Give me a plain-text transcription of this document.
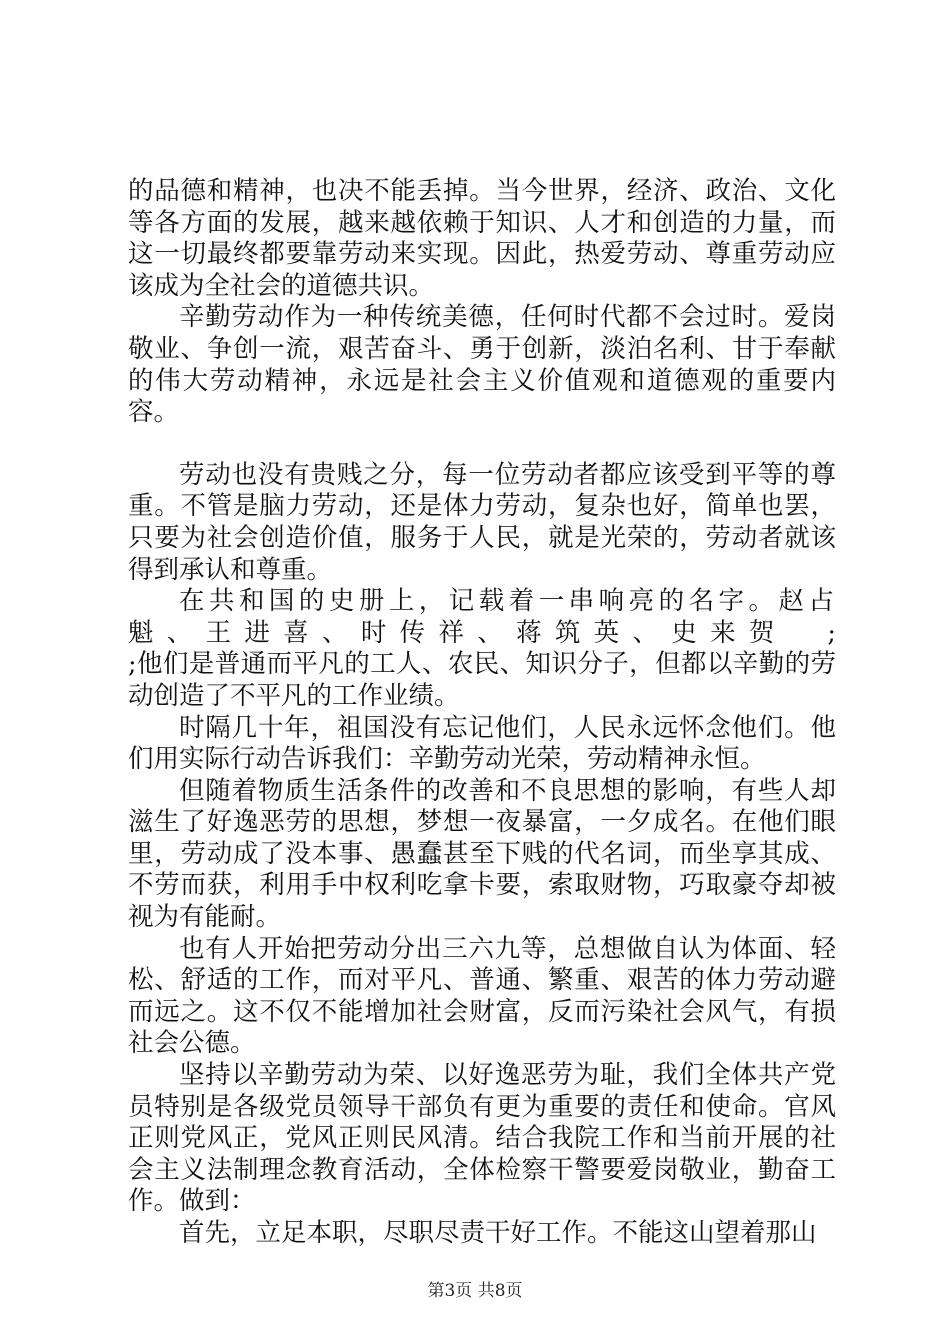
的品德和精神，也决不能丢掉。当今世界，经济、政治、文化等各方面的发展，越来越依赖于知识、人才和创造的力量，而这一切最终都要靠劳动来实现。因此，热爱劳动、尊重劳动应该成为全社会的道德共识。

辛勤劳动作为一种传统美德，任何时代都不会过时。爱岗敬业、争创一流，艰苦奋斗、勇于创新，淡泊名利、甘于奉献的伟大劳动精神，永远是社会主义价值观和道德观的重要内容。

劳动也没有贵贱之分，每一位劳动者都应该受到平等的尊重。不管是脑力劳动，还是体力劳动，复杂也好，简单也罢，只要为社会创造价值，服务于人民，就是光荣的，劳动者就该得到承认和尊重。

在共和国的史册上，记载着一串响亮的名字。赵占魁、王进喜、时传祥、蒋筑英、史来贺	;

;他们是普通而平凡的工人、农民、知识分子，但都以辛勤的劳动创造了不平凡的工作业绩。

时隔几十年，祖国没有忘记他们，人民永远怀念他们。他们用实际行动告诉我们：辛勤劳动光荣，劳动精神永恒。

但随着物质生活条件的改善和不良思想的影响，有些人却滋生了好逸恶劳的思想，梦想一夜暴富，一夕成名。在他们眼里，劳动成了没本事、愚蠢甚至下贱的代名词，而坐享其成、不劳而获，利用手中权利吃拿卡要，索取财物，巧取豪夺却被视为有能耐。

也有人开始把劳动分出三六九等，总想做自认为体面、轻松、舒适的工作，而对平凡、普通、繁重、艰苦的体力劳动避而远之。这不仅不能增加社会财富，反而污染社会风气，有损社会公德。

坚持以辛勤劳动为荣、以好逸恶劳为耻，我们全体共产党员特别是各级党员领导干部负有更为重要的责任和使命。官风正则党风正，党风正则民风清。结合我院工作和当前开展的社会主义法制理念教育活动，全体检察干警要爱岗敬业，勤奋工作。做到：

首先，立足本职，尽职尽责干好工作。不能这山望着那山

第3页 共8页
